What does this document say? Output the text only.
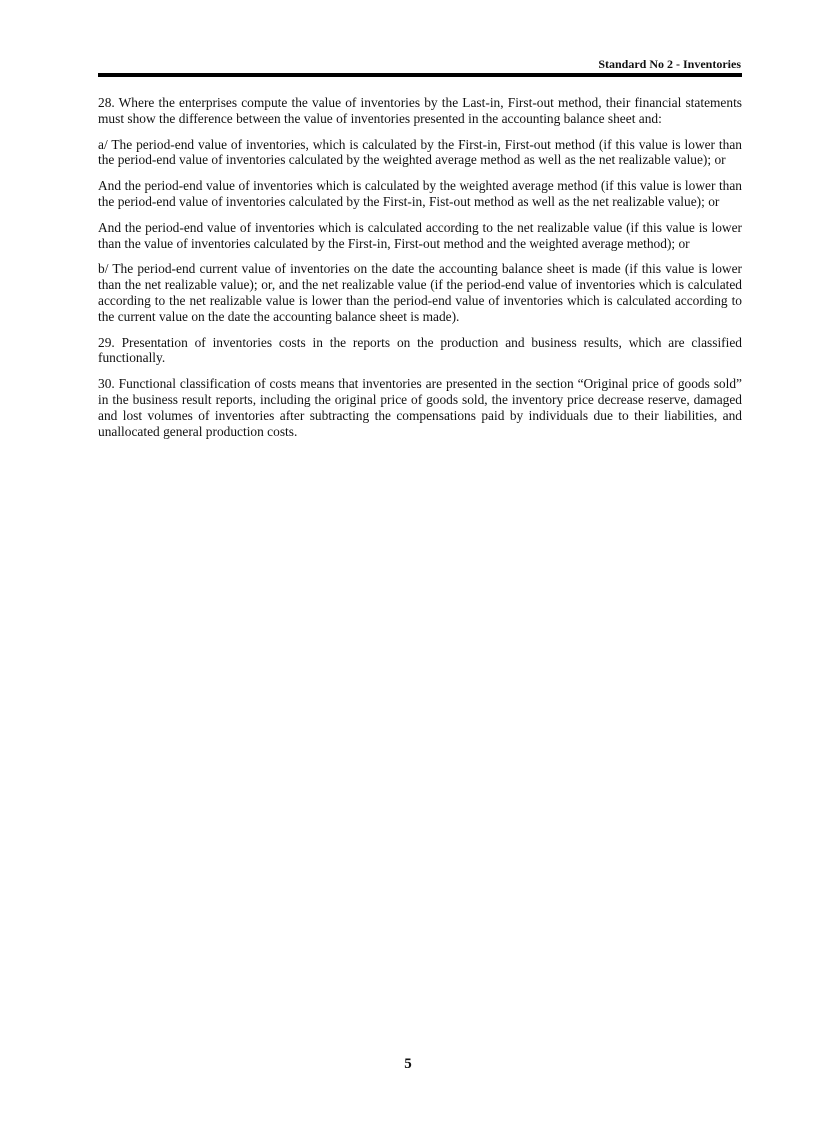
Standard No 2 - Inventories

28. Where the enterprises compute the value of inventories by the Last-in, First-out method, their financial statements must show the difference between the value of inventories presented in the accounting balance sheet and:

a/ The period-end value of inventories, which is calculated by the First-in, First-out method (if this value is lower than the period-end value of inventories calculated by the weighted average method as well as the net realizable value); or

And the period-end value of inventories which is calculated by the weighted average method (if this value is lower than the period-end value of inventories calculated by the First-in, Fist-out method as well as the net realizable value); or

And the period-end value of inventories which is calculated according to the net realizable value (if this value is lower than the value of inventories calculated by the First-in, First-out method and the weighted average method); or

b/ The period-end current value of inventories on the date the accounting balance sheet is made (if this value is lower than the net realizable value); or, and the net realizable value (if the period-end value of inventories which is calculated according to the net realizable value is lower than the period-end value of inventories which is calculated according to the current value on the date the accounting balance sheet is made).

29. Presentation of inventories costs in the reports on the production and business results, which are classified functionally.

30. Functional classification of costs means that inventories are presented in the section “Original price of goods sold” in the business result reports, including the original price of goods sold, the inventory price decrease reserve, damaged and lost volumes of inventories after subtracting the compensations paid by individuals due to their liabilities, and unallocated general production costs.

5
